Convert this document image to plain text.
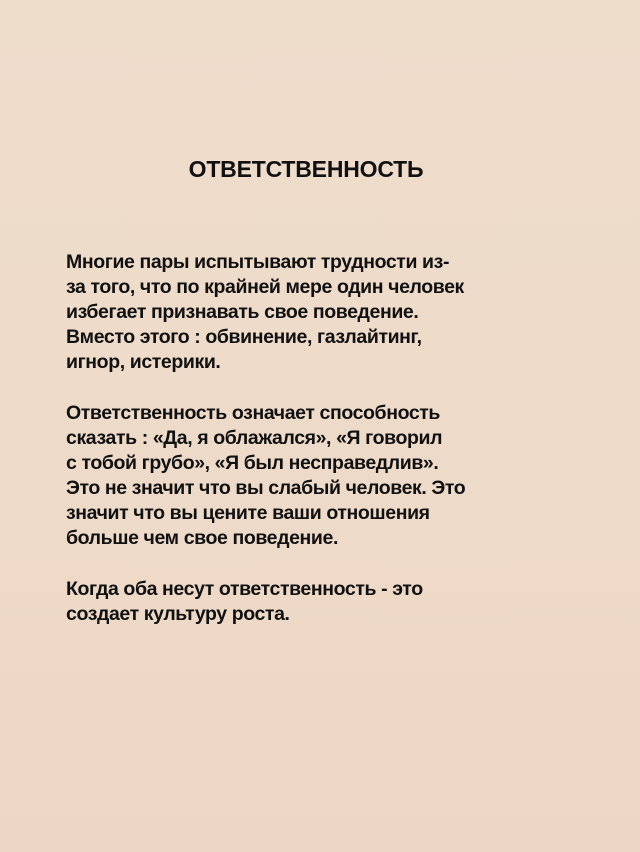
ОТВЕТСТВЕННОСТЬ

Многие пары испытывают трудности из-
за того, что по крайней мере один человек
избегает признавать свое поведение.
Вместо этого : обвинение, газлайтинг,
игнор, истерики.

Ответственность означает способность
сказать : «Да, я облажался», «Я говорил
с тобой грубо», «Я был несправедлив».
Это не значит что вы слабый человек. Это
значит что вы цените ваши отношения
больше чем свое поведение.

Когда оба несут ответственность - это
создает культуру роста.
